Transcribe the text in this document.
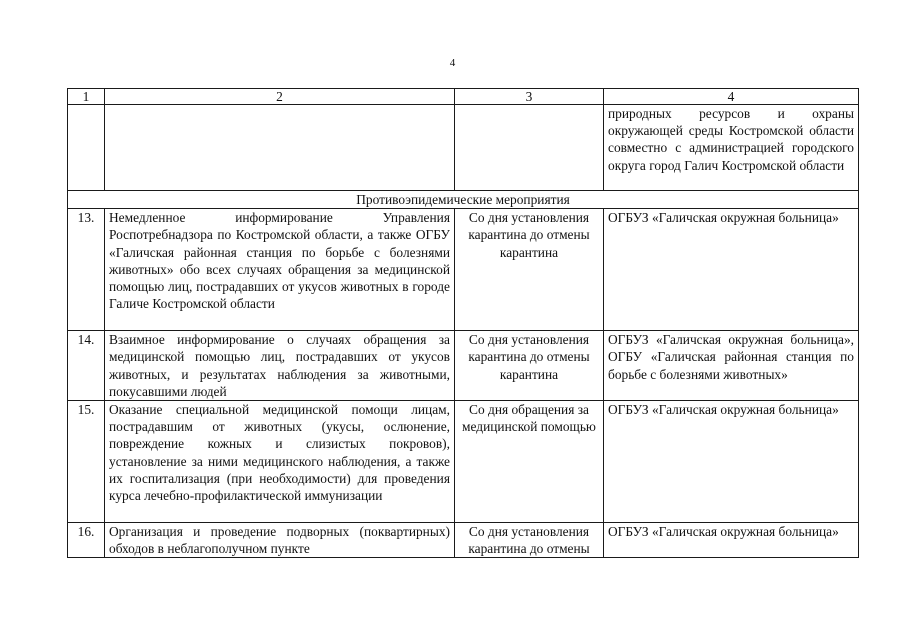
4
1	2	3	4
			природных ресурсов и охраны окружающей среды Костромской области совместно с администрацией городского округа город Галич Костромской области
Противоэпидемические мероприятия			
13.	Немедленное информирование Управления Роспотребнадзора по Костромской области, а также ОГБУ «Галичская районная станция по борьбе с болезнями животных» обо всех случаях обращения за медицинской помощью лиц, пострадавших от укусов животных в городе Галиче Костромской области	Со дня установления карантина до отмены карантина	ОГБУЗ «Галичская окружная больница»
14.	Взаимное информирование о случаях обращения за медицинской помощью лиц, пострадавших от укусов животных, и результатах наблюдения за животными, покусавшими людей	Со дня установления карантина до отмены карантина	ОГБУЗ «Галичская окружная больница», ОГБУ «Галичская районная станция по борьбе с болезнями животных»
15.	Оказание специальной медицинской помощи лицам, пострадавшим от животных (укусы, ослюнение, повреждение кожных и слизистых покровов), установление за ними медицинского наблюдения, а также их госпитализация (при необходимости) для проведения курса лечебно-профилактической иммунизации	Со дня обращения за медицинской помощью	ОГБУЗ «Галичская окружная больница»
16.	Организация и проведение подворных (поквартирных) обходов в неблагополучном пункте	Со дня установления карантина до отмены	ОГБУЗ «Галичская окружная больница»
